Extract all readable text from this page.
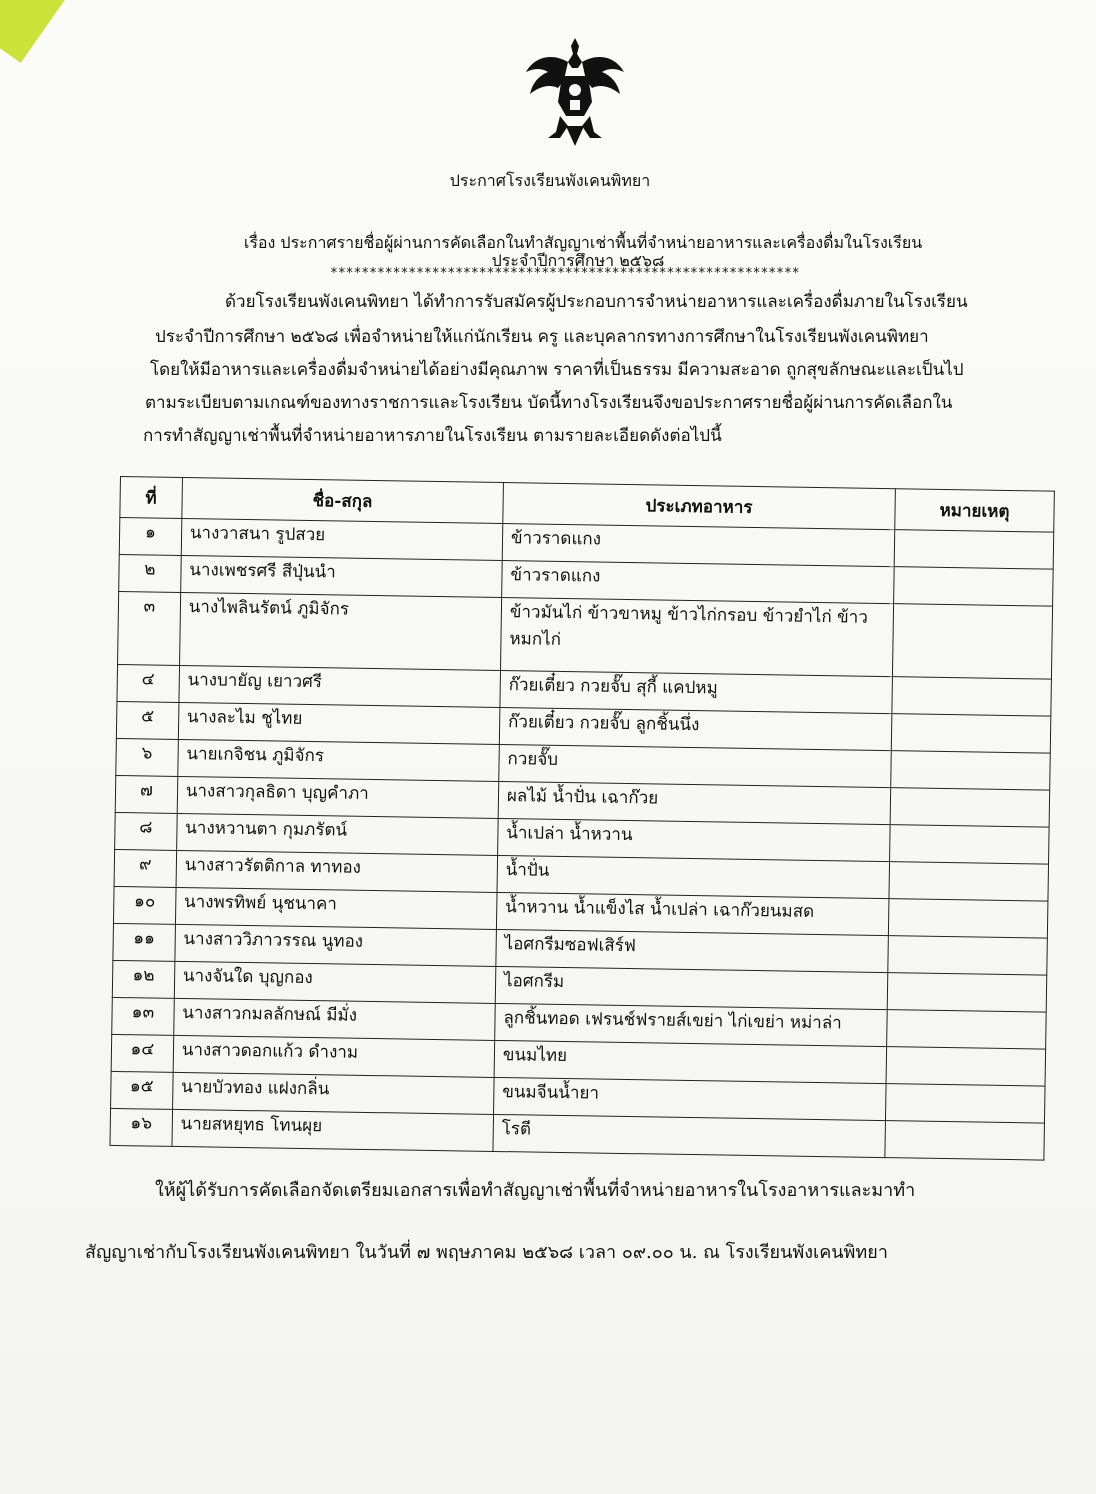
ประกาศโรงเรียนพังเคนพิทยา
เรื่อง ประกาศรายชื่อผู้ผ่านการคัดเลือกในทำสัญญาเช่าพื้นที่จำหน่ายอาหารและเครื่องดื่มในโรงเรียน
ประจำปีการศึกษา ๒๕๖๘
************************************************************
ด้วยโรงเรียนพังเคนพิทยา ได้ทำการรับสมัครผู้ประกอบการจำหน่ายอาหารและเครื่องดื่มภายในโรงเรียน
ประจำปีการศึกษา ๒๕๖๘ เพื่อจำหน่ายให้แก่นักเรียน ครู และบุคลากรทางการศึกษาในโรงเรียนพังเคนพิทยา
โดยให้มีอาหารและเครื่องดื่มจำหน่ายได้อย่างมีคุณภาพ ราคาที่เป็นธรรม มีความสะอาด ถูกสุขลักษณะและเป็นไป
ตามระเบียบตามเกณฑ์ของทางราชการและโรงเรียน บัดนี้ทางโรงเรียนจึงขอประกาศรายชื่อผู้ผ่านการคัดเลือกใน
การทำสัญญาเช่าพื้นที่จำหน่ายอาหารภายในโรงเรียน ตามรายละเอียดดังต่อไปนี้
ที่	ชื่อ-สกุล	ประเภทอาหาร	หมายเหตุ
๑	นางวาสนา รูปสวย	ข้าวราดแกง	
๒	นางเพชรศรี สีปุ่นนำ	ข้าวราดแกง	
๓	นางไพลินรัตน์ ภูมิจักร	ข้าวมันไก่ ข้าวขาหมู ข้าวไก่กรอบ ข้าวยำไก่ ข้าวหมกไก่	
๔	นางบายัญ เยาวศรี	ก๊วยเตี๋ยว กวยจั๊บ สุกี้ แคปหมู	
๕	นางละไม ชูไทย	ก๊วยเตี๋ยว กวยจั๊บ ลูกชิ้นนึ่ง	
๖	นายเกจิชน ภูมิจักร	กวยจั๊บ	
๗	นางสาวกุลธิดา บุญคำภา	ผลไม้ น้ำปั่น เฉาก๊วย	
๘	นางหวานตา กุมภรัตน์	น้ำเปล่า น้ำหวาน	
๙	นางสาวรัตติกาล ทาทอง	น้ำปั่น	
๑๐	นางพรทิพย์ นุชนาคา	น้ำหวาน น้ำแข็งไส น้ำเปล่า เฉาก๊วยนมสด	
๑๑	นางสาววิภาวรรณ นูทอง	ไอศกรีมซอฟเสิร์ฟ	
๑๒	นางจันใด บุญกอง	ไอศกรีม	
๑๓	นางสาวกมลลักษณ์ มีมั่ง	ลูกชิ้นทอด เฟรนช์ฟรายส์เขย่า ไก่เขย่า หม่าล่า	
๑๔	นางสาวดอกแก้ว ดำงาม	ขนมไทย	
๑๕	นายบัวทอง แฝงกลิ่น	ขนมจีนน้ำยา	
๑๖	นายสหยุทธ โทนผุย	โรตี	
ให้ผู้ได้รับการคัดเลือกจัดเตรียมเอกสารเพื่อทำสัญญาเช่าพื้นที่จำหน่ายอาหารในโรงอาหารและมาทำ
สัญญาเช่ากับโรงเรียนพังเคนพิทยา ในวันที่ ๗ พฤษภาคม ๒๕๖๘ เวลา ๐๙.๐๐ น. ณ โรงเรียนพังเคนพิทยา
